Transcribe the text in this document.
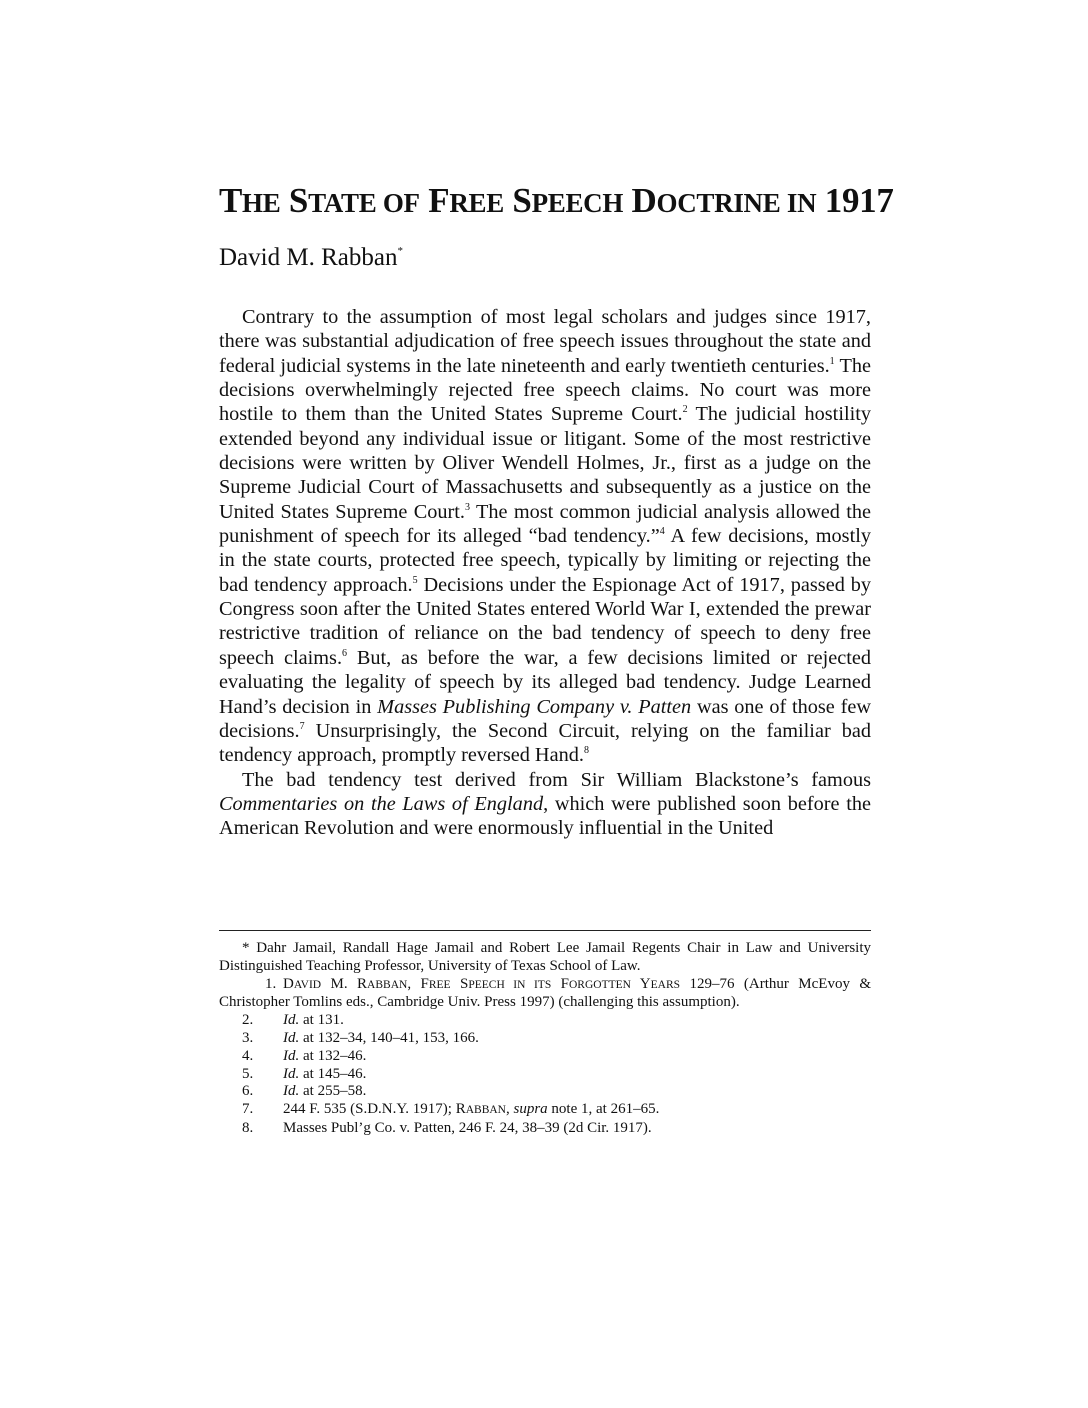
THE STATE OF FREE SPEECH DOCTRINE IN 1917
David M. Rabban*

Contrary to the assumption of most legal scholars and judges since 1917, there was substantial adjudication of free speech issues throughout the state and federal judicial systems in the late nineteenth and early twentieth centuries.$^1$ The decisions overwhelmingly rejected free speech claims. No court was more hostile to them than the United States Supreme Court.$^2$ The judicial hostility extended beyond any individual issue or litigant. Some of the most restrictive decisions were written by Oliver Wendell Holmes, Jr., first as a judge on the Supreme Judicial Court of Massachusetts and subsequently as a justice on the United States Supreme Court.$^3$ The most common judicial analysis allowed the punishment of speech for its alleged “bad tendency.”$^4$ A few decisions, mostly in the state courts, protected free speech, typically by limiting or rejecting the bad tendency approach.$^5$ Decisions under the Espionage Act of 1917, passed by Congress soon after the United States entered World War I, extended the prewar restrictive tradition of reliance on the bad tendency of speech to deny free speech claims.$^6$ But, as before the war, a few decisions limited or rejected evaluating the legality of speech by its alleged bad tendency. Judge Learned Hand’s decision in Masses Publishing Company v. Patten was one of those few decisions.$^7$ Unsurprisingly, the Second Circuit, relying on the familiar bad tendency approach, promptly reversed Hand.$^8$

The bad tendency test derived from Sir William Blackstone’s famous Commentaries on the Laws of England, which were published soon before the American Revolution and were enormously influential in the United

* Dahr Jamail, Randall Hage Jamail and Robert Lee Jamail Regents Chair in Law and University Distinguished Teaching Professor, University of Texas School of Law.

1. DAVID M. RABBAN, FREE SPEECH IN ITS FORGOTTEN YEARS 129–76 (Arthur McEvoy & Christopher Tomlins eds., Cambridge Univ. Press 1997) (challenging this assumption).

2. Id. at 131.

3. Id. at 132–34, 140–41, 153, 166.

4. Id. at 132–46.

5. Id. at 145–46.

6. Id. at 255–58.

7. 244 F. 535 (S.D.N.Y. 1917); RABBAN, supra note 1, at 261–65.

8. Masses Publ’g Co. v. Patten, 246 F. 24, 38–39 (2d Cir. 1917).
